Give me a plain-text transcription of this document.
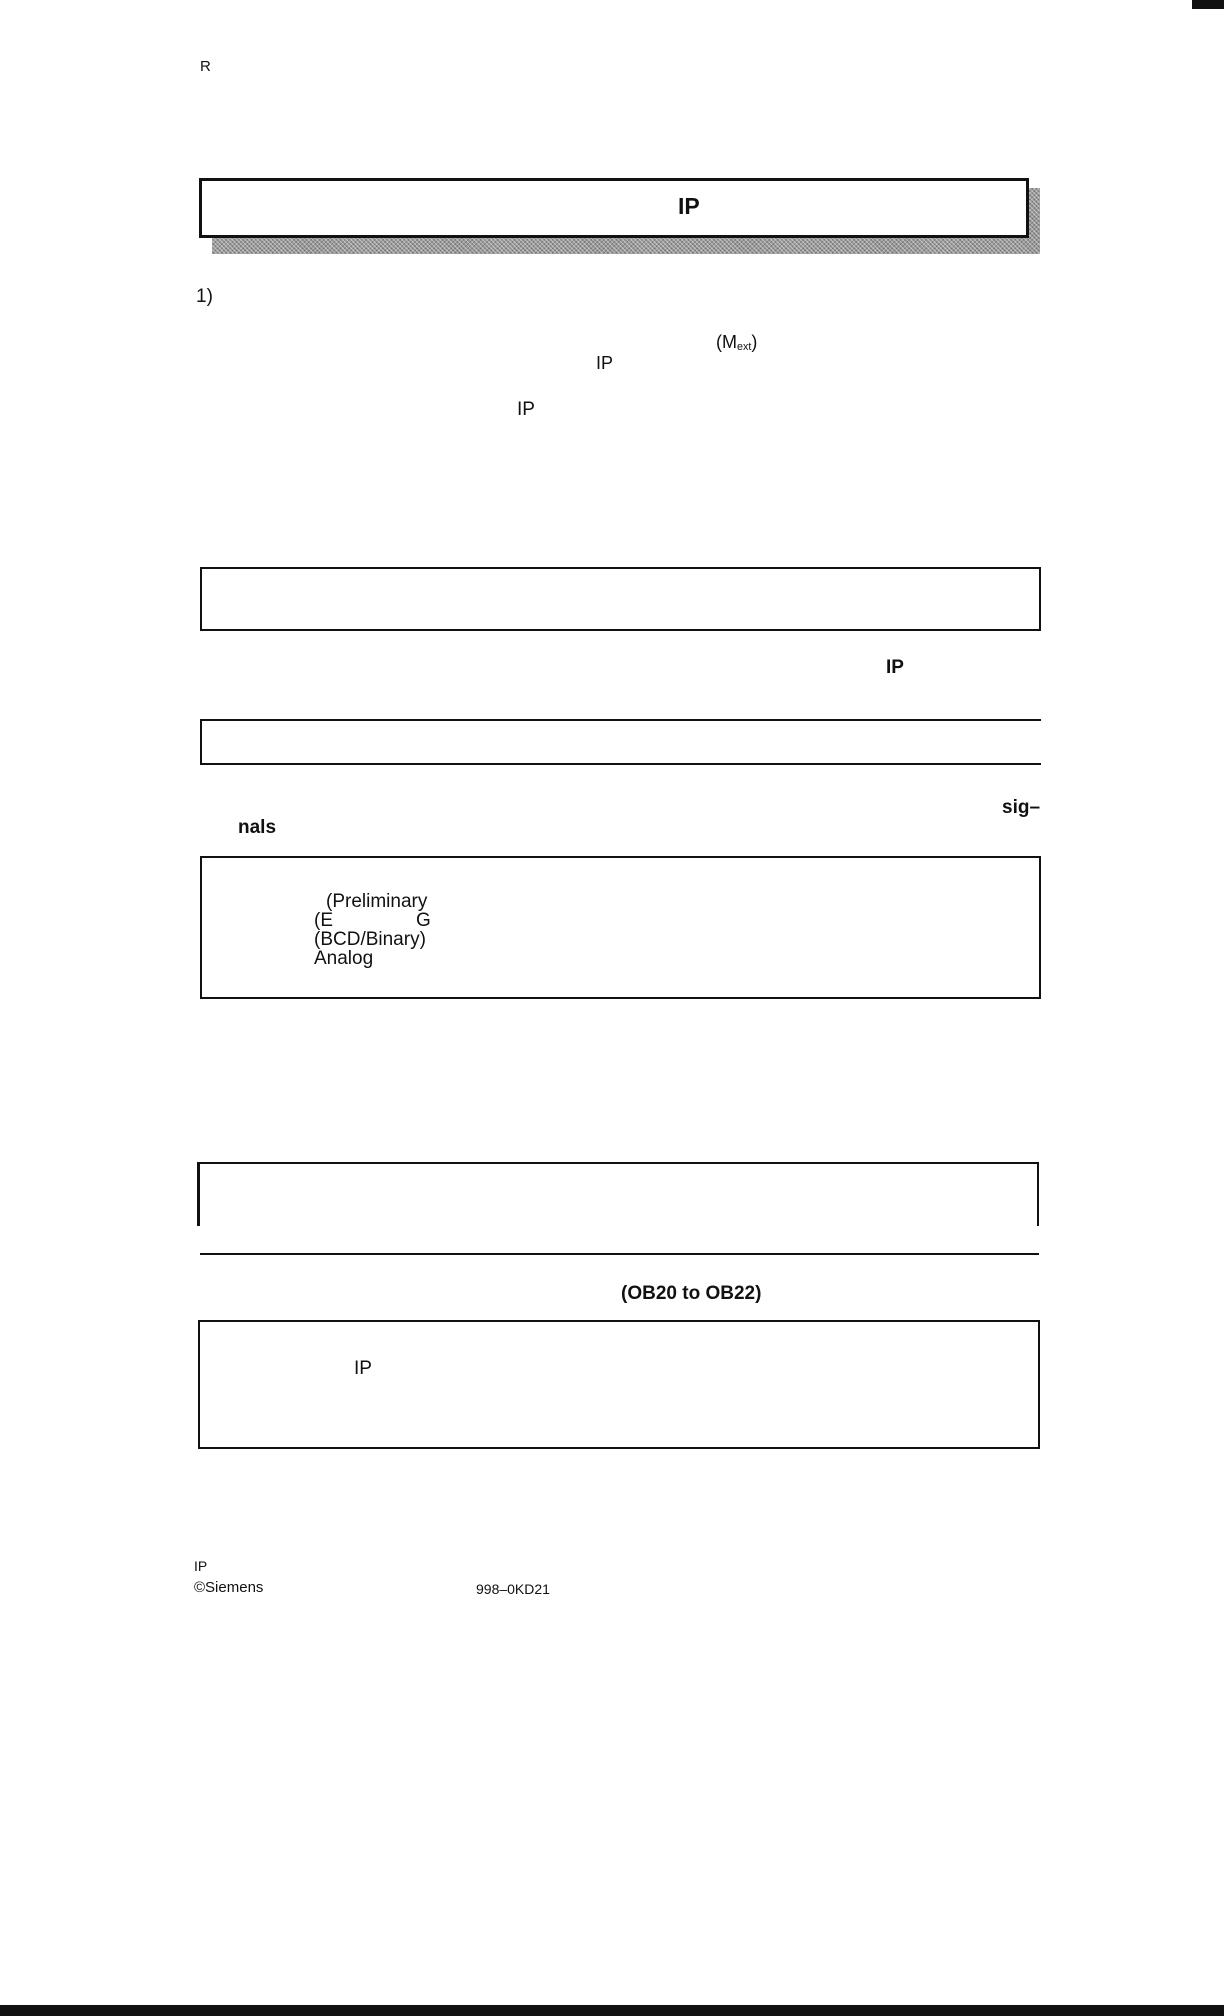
R
IP
1)
$(M_{ext})$
IP
IP
IP
sig–
nals
(Preliminary
(E	G
(BCD/Binary)
Analog
(OB20 to OB22)
IP
IP
©Siemens	998–0KD21
